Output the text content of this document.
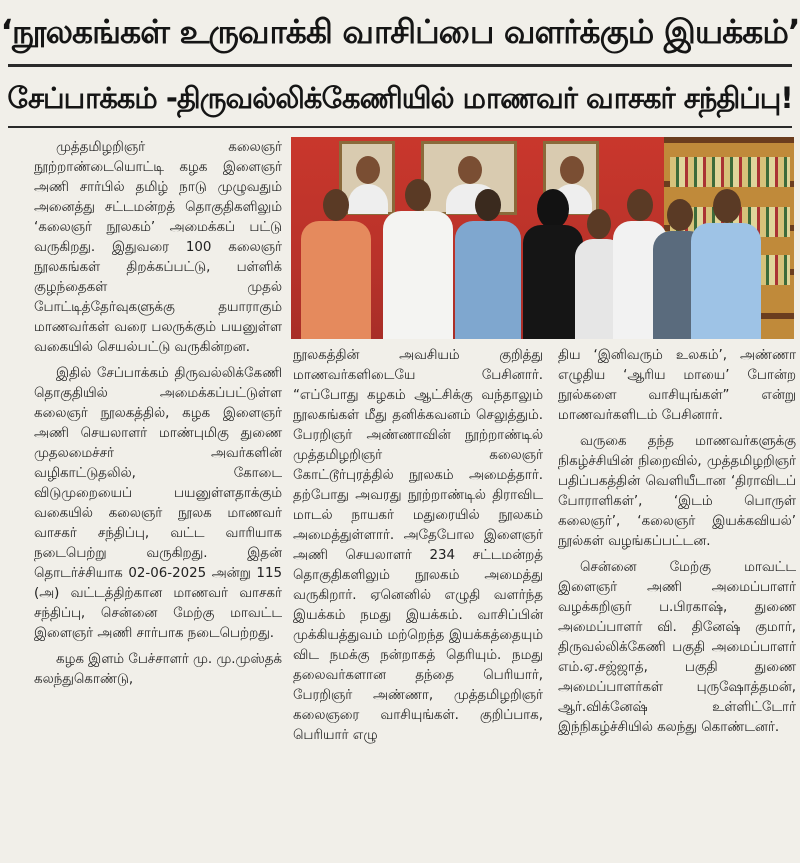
‘நூலகங்கள் உருவாக்கி வாசிப்பை வளர்க்கும் இயக்கம்’
சேப்பாக்கம் -திருவல்லிக்கேணியில் மாணவர் வாசகர் சந்திப்பு!

முத்தமிழறிஞர் கலைஞர் நூற்றாண்டையொட்டி கழக இளைஞர் அணி சார்பில் தமிழ் நாடு முழுவதும் அனைத்து சட்டமன்றத் தொகுதிகளிலும் ‘கலைஞர் நூலகம்’ அமைக்கப் பட்டு வருகிறது. இதுவரை 100 கலைஞர் நூலகங்கள் திறக்கப்பட்டு, பள்ளிக் குழந்தைகள் முதல் போட்டித்தேர்வுகளுக்கு தயாராகும் மாணவர்கள் வரை பலருக்கும் பயனுள்ள வகையில் செயல்பட்டு வருகின்றன.

இதில் சேப்பாக்கம் திருவல்லிக்கேணி தொகுதியில் அமைக்கப்பட்டுள்ள கலைஞர் நூலகத்தில், கழக இளைஞர் அணி செயலாளர் மாண்புமிகு துணை முதலமைச்சர் அவர்களின் வழிகாட்டுதலில், கோடை விடுமுறையைப் பயனுள்ளதாக்கும் வகையில் கலைஞர் நூலக மாணவர் வாசகர் சந்திப்பு, வட்ட வாரியாக நடைபெற்று வருகிறது. இதன் தொடர்ச்சியாக 02-06-2025 அன்று 115 (அ) வட்டத்திற்கான மாணவர் வாசகர் சந்திப்பு, சென்னை மேற்கு மாவட்ட இளைஞர் அணி சார்பாக நடைபெற்றது.

கழக இளம் பேச்சாளர் மு. மு.முஸ்தக் கலந்துகொண்டு,

நூலகத்தின் அவசியம் குறித்து மாணவர்களிடையே பேசினார். “எப்போது கழகம் ஆட்சிக்கு வந்தாலும் நூலகங்கள் மீது தனிக்கவனம் செலுத்தும். பேரறிஞர் அண்ணாவின் நூற்றாண்டில் முத்தமிழறிஞர் கலைஞர் கோட்டூர்புரத்தில் நூலகம் அமைத்தார். தற்போது அவரது நூற்றாண்டில் திராவிட மாடல் நாயகர் மதுரையில் நூலகம் அமைத்துள்ளார். அதேபோல இளைஞர் அணி செயலாளர் 234 சட்டமன்றத் தொகுதிகளிலும் நூலகம் அமைத்து வருகிறார். ஏனெனில் எழுதி வளர்ந்த இயக்கம் நமது இயக்கம். வாசிப்பின் முக்கியத்துவம் மற்றெந்த இயக்கத்தையும் விட நமக்கு நன்றாகத் தெரியும். நமது தலைவர்களான தந்தை பெரியார், பேரறிஞர் அண்ணா, முத்தமிழறிஞர் கலைஞரை வாசியுங்கள். குறிப்பாக, பெரியார் எழு

திய ‘இனிவரும் உலகம்’, அண்ணா எழுதிய ‘ஆரிய மாயை’ போன்ற நூல்களை வாசியுங்கள்” என்று மாணவர்களிடம் பேசினார்.

வருகை தந்த மாணவர்களுக்கு நிகழ்ச்சியின் நிறைவில், முத்தமிழறிஞர் பதிப்பகத்தின் வெளியீடான ‘திராவிடப் போராளிகள்’, ‘இடம் பொருள் கலைஞர்’, ‘கலைஞர் இயக்கவியல்’ நூல்கள் வழங்கப்பட்டன.

சென்னை மேற்கு மாவட்ட இளைஞர் அணி அமைப்பாளர் வழக்கறிஞர் ப.பிரகாஷ், துணை அமைப்பாளர் வி. தினேஷ் குமார், திருவல்லிக்கேணி பகுதி அமைப்பாளர் எம்.ஏ.சஜ்ஜாத், பகுதி துணை அமைப்பாளர்கள் புருஷோத்தமன், ஆர்.விக்னேஷ் உள்ளிட்டோர் இந்நிகழ்ச்சியில் கலந்து கொண்டனர்.
